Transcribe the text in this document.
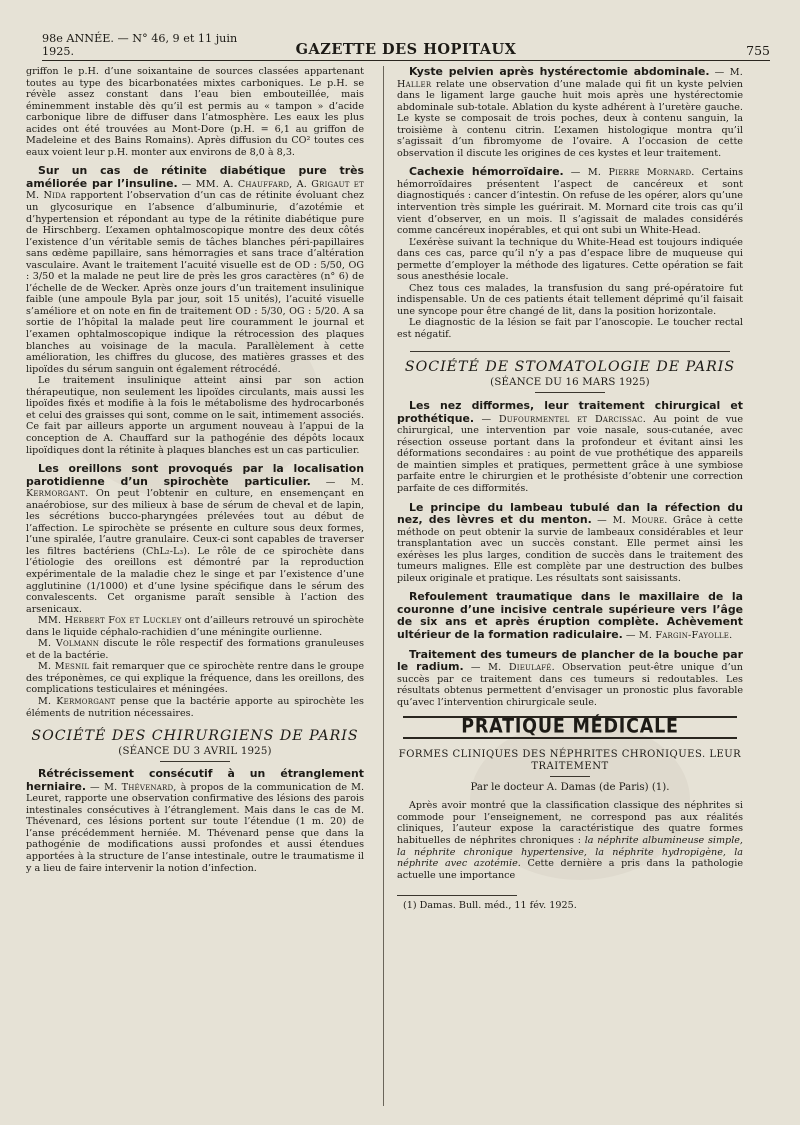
98e ANNÉE. — N° 46, 9 et 11 juin 1925.	GAZETTE DES HOPITAUX	755

griffon le p.H. d’une soixantaine de sources classées appartenant toutes au type des bicarbonatées mixtes carboniques. Le p.H. se révèle assez constant dans l’eau bien embouteillée, mais éminemment instable dès qu’il est permis au « tampon » d’acide carbonique libre de diffuser dans l’atmosphère. Les eaux les plus acides ont été trouvées au Mont-Dore (p.H. = 6,1 au griffon de Madeleine et des Bains Romains). Après diffusion du CO² toutes ces eaux voient leur p.H. monter aux environs de 8,0 à 8,3.

Sur un cas de rétinite diabétique pure très améliorée par l’insuline. — MM. A. Chauffard, A. Grigaut et M. Nida rapportent l’observation d’un cas de rétinite évoluant chez un glycosurique en l’absence d’albuminurie, d’azotémie et d’hypertension et répondant au type de la rétinite diabétique pure de Hirschberg. L’examen ophtalmoscopique montre des deux côtés l’existence d’un véritable semis de tâches blanches péri-papillaires sans œdème papillaire, sans hémorragies et sans trace d’altération vasculaire. Avant le traitement l’acuité visuelle est de OD : 5/50, OG : 3/50 et la malade ne peut lire de près les gros caractères (n° 6) de l’échelle de de Wecker. Après onze jours d’un traitement insulinique faible (une ampoule Byla par jour, soit 15 unités), l’acuité visuelle s’améliore et on note en fin de traitement OD : 5/30, OG : 5/20. A sa sortie de l’hôpital la malade peut lire couramment le journal et l’examen ophtalmoscopique indique la rétrocession des plaques blanches au voisinage de la macula. Parallèlement à cette amélioration, les chiffres du glucose, des matières grasses et des lipoïdes du sérum sanguin ont également rétrocédé.

Le traitement insulinique atteint ainsi par son action thérapeutique, non seulement les lipoïdes circulants, mais aussi les lipoïdes fixés et modifie à la fois le métabolisme des hydrocarbonés et celui des graisses qui sont, comme on le sait, intimement associés. Ce fait par ailleurs apporte un argument nouveau à l’appui de la conception de A. Chauffard sur la pathogénie des dépôts locaux lipoïdiques dont la rétinite à plaques blanches est un cas particulier.

Les oreillons sont provoqués par la localisation parotidienne d’un spirochète particulier. — M. Kermorgant. On peut l’obtenir en culture, en ensemençant en anaérobiose, sur des milieux à base de sérum de cheval et de lapin, les sécrétions bucco-pharyngées prélevées tout au début de l’affection. Le spirochète se présente en culture sous deux formes, l’une spiralée, l’autre granulaire. Ceux-ci sont capables de traverser les filtres bactériens (ChL₂-L₃). Le rôle de ce spirochète dans l’étiologie des oreillons est démontré par la reproduction expérimentale de la maladie chez le singe et par l’existence d’une agglutinine (1/1000) et d’une lysine spécifique dans le sérum des convalescents. Cet organisme paraît sensible à l’action des arsenicaux.

MM. Herbert Fox et Luckley ont d’ailleurs retrouvé un spirochète dans le liquide céphalo-rachidien d’une méningite ourlienne.

M. Volmann discute le rôle respectif des formations granuleuses et de la bactérie.

M. Mesnil fait remarquer que ce spirochète rentre dans le groupe des tréponèmes, ce qui explique la fréquence, dans les oreillons, des complications testiculaires et méningées.

M. Kermorgant pense que la bactérie apporte au spirochète les éléments de nutrition nécessaires.

SOCIÉTÉ DES CHIRURGIENS DE PARIS
(SÉANCE DU 3 AVRIL 1925)

Rétrécissement consécutif à un étranglement herniaire. — M. Thévenard, à propos de la communication de M. Leuret, rapporte une observation confirmative des lésions des parois intestinales consécutives à l’étranglement. Mais dans le cas de M. Thévenard, ces lésions portent sur toute l’étendue (1 m. 20) de l’anse précédemment herniée. M. Thévenard pense que dans la pathogénie de modifications aussi profondes et aussi étendues apportées à la structure de l’anse intestinale, outre le traumatisme il y a lieu de faire intervenir la notion d’infection.

Kyste pelvien après hystérectomie abdominale. — M. Haller relate une observation d’une malade qui fit un kyste pelvien dans le ligament large gauche huit mois après une hystérectomie abdominale sub-totale. Ablation du kyste adhérent à l’uretère gauche. Le kyste se composait de trois poches, deux à contenu sanguin, la troisième à contenu citrin. L’examen histologique montra qu’il s’agissait d’un fibromyome de l’ovaire. A l’occasion de cette observation il discute les origines de ces kystes et leur traitement.

Cachexie hémorroïdaire. — M. Pierre Mornard. Certains hémorroïdaires présentent l’aspect de cancéreux et sont diagnostiqués : cancer d’intestin. On refuse de les opérer, alors qu’une intervention très simple les guérirait. M. Mornard cite trois cas qu’il vient d’observer, en un mois. Il s’agissait de malades considérés comme cancéreux inopérables, et qui ont subi un White-Head.

L’exérèse suivant la technique du White-Head est toujours indiquée dans ces cas, parce qu’il n’y a pas d’espace libre de muqueuse qui permette d’employer la méthode des ligatures. Cette opération se fait sous anesthésie locale.

Chez tous ces malades, la transfusion du sang pré-opératoire fut indispensable. Un de ces patients était tellement déprimé qu’il faisait une syncope pour être changé de lit, dans la position horizontale.

Le diagnostic de la lésion se fait par l’anoscopie. Le toucher rectal est négatif.

SOCIÉTÉ DE STOMATOLOGIE DE PARIS
(SÉANCE DU 16 MARS 1925)

Les nez difformes, leur traitement chirurgical et prothétique. — Dufourmentel et Darcissac. Au point de vue chirurgical, une intervention par voie nasale, sous-cutanée, avec résection osseuse portant dans la profondeur et évitant ainsi les déformations secondaires : au point de vue prothétique des appareils de maintien simples et pratiques, permettent grâce à une symbiose parfaite entre le chirurgien et le prothésiste d’obtenir une correction parfaite de ces difformités.

Le principe du lambeau tubulé dan la réfection du nez, des lèvres et du menton. — M. Moure. Grâce à cette méthode on peut obtenir la survie de lambeaux considérables et leur transplantation avec un succès constant. Elle permet ainsi les exérèses les plus larges, condition de succès dans le traitement des tumeurs malignes. Elle est complète par une destruction des bulbes pileux originale et pratique. Les résultats sont saisissants.

Refoulement traumatique dans le maxillaire de la couronne d’une incisive centrale supérieure vers l’âge de six ans et après éruption complète. Achèvement ultérieur de la formation radiculaire. — M. Fargin-Fayolle.

Traitement des tumeurs de plancher de la bouche par le radium. — M. Dieulafé. Observation peut-être unique d’un succès par ce traitement dans ces tumeurs si redoutables. Les résultats obtenus permettent d’envisager un pronostic plus favorable qu’avec l’intervention chirurgicale seule.

PRATIQUE MÉDICALE
FORMES CLINIQUES DES NÉPHRITES CHRONIQUES. LEUR TRAITEMENT
Par le docteur A. Damas (de Paris) (1).

Après avoir montré que la classification classique des néphrites si commode pour l’enseignement, ne correspond pas aux réalités cliniques, l’auteur expose la caractéristique des quatre formes habituelles de néphrites chroniques : la néphrite albumineuse simple, la néphrite chronique hypertensive, la néphrite hydropigène, la néphrite avec azotémie. Cette dernière a pris dans la pathologie actuelle une importance

(1) Damas. Bull. méd., 11 fév. 1925.
